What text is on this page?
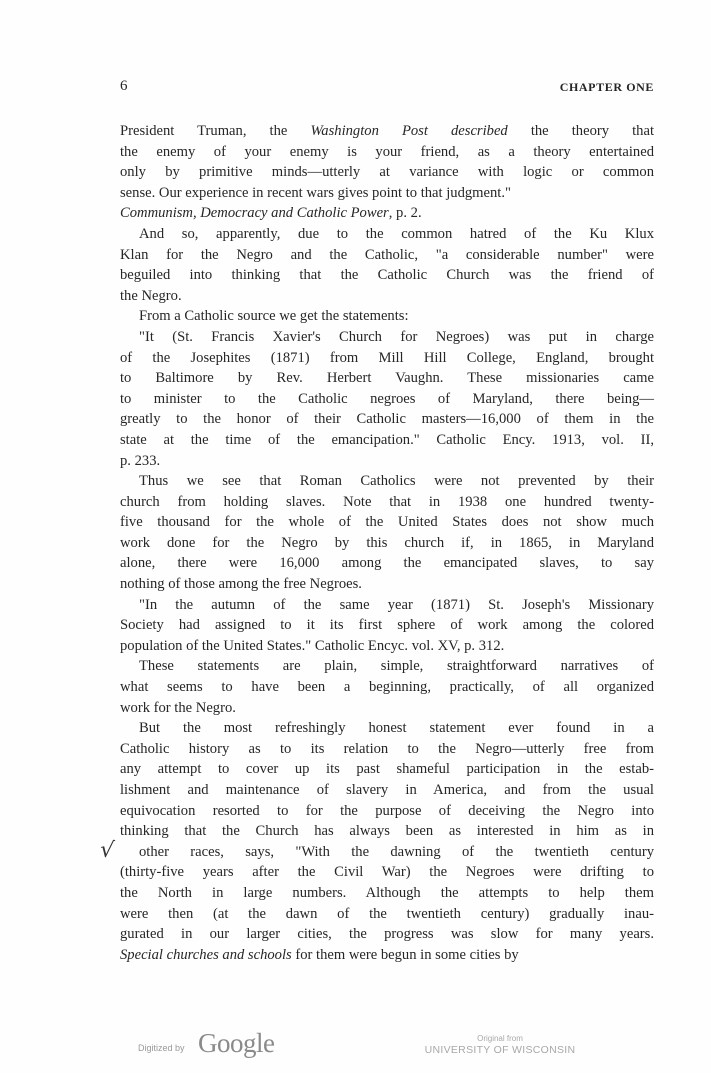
6	CHAPTER ONE
President Truman, the Washington Post described the theory that
the enemy of your enemy is your friend, as a theory entertained
only by primitive minds—utterly at variance with logic or common
sense. Our experience in recent wars gives point to that judgment."
Communism, Democracy and Catholic Power, p. 2.
And so, apparently, due to the common hatred of the Ku Klux
Klan for the Negro and the Catholic, "a considerable number" were
beguiled into thinking that the Catholic Church was the friend of
the Negro.
From a Catholic source we get the statements:
"It (St. Francis Xavier's Church for Negroes) was put in charge
of the Josephites (1871) from Mill Hill College, England, brought
to Baltimore by Rev. Herbert Vaughn. These missionaries came
to minister to the Catholic negroes of Maryland, there being—
greatly to the honor of their Catholic masters—16,000 of them in the
state at the time of the emancipation." Catholic Ency. 1913, vol. II,
p. 233.
Thus we see that Roman Catholics were not prevented by their
church from holding slaves. Note that in 1938 one hundred twenty-
five thousand for the whole of the United States does not show much
work done for the Negro by this church if, in 1865, in Maryland
alone, there were 16,000 among the emancipated slaves, to say
nothing of those among the free Negroes.
"In the autumn of the same year (1871) St. Joseph's Missionary
Society had assigned to it its first sphere of work among the colored
population of the United States." Catholic Encyc. vol. XV, p. 312.
These statements are plain, simple, straightforward narratives of
what seems to have been a beginning, practically, of all organized
work for the Negro.
But the most refreshingly honest statement ever found in a
Catholic history as to its relation to the Negro—utterly free from
any attempt to cover up its past shameful participation in the estab-
lishment and maintenance of slavery in America, and from the usual
equivocation resorted to for the purpose of deceiving the Negro into
thinking that the Church has always been as interested in him as in
other races, says, "With the dawning of the twentieth century
(thirty-five years after the Civil War) the Negroes were drifting to
the North in large numbers. Although the attempts to help them
were then (at the dawn of the twentieth century) gradually inau-
gurated in our larger cities, the progress was slow for many years.
Special churches and schools for them were begun in some cities by
√
Digitized by Google	Original from
UNIVERSITY OF WISCONSIN
